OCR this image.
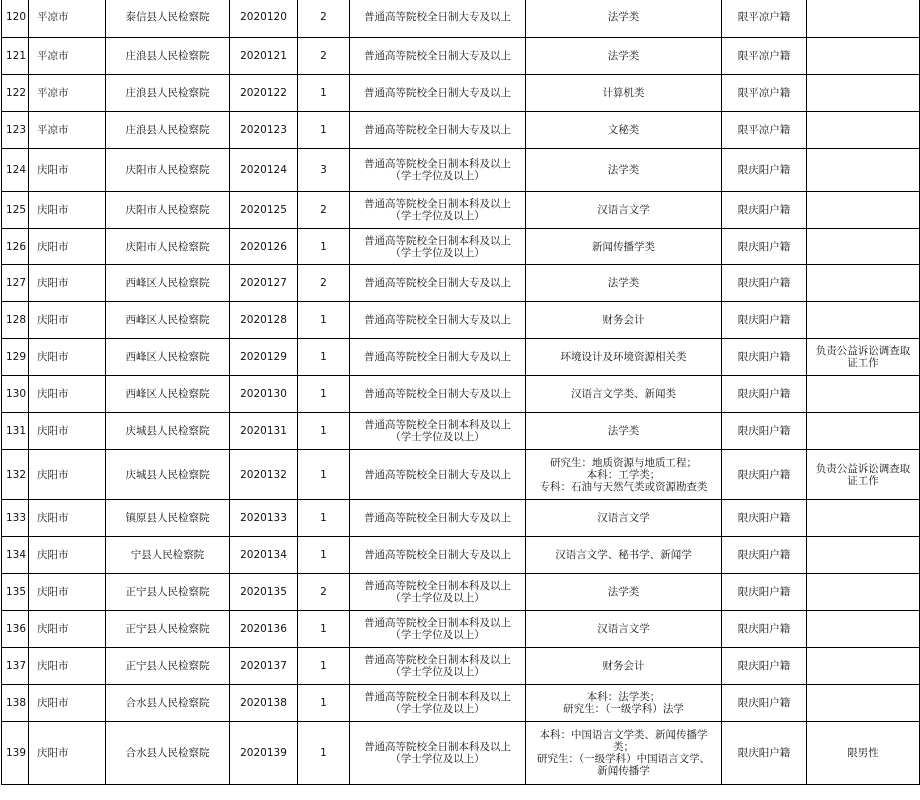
120	平凉市	泰信县人民检察院	2020120	2	普通高等院校全日制大专及以上	法学类	限平凉户籍	
121	平凉市	庄浪县人民检察院	2020121	2	普通高等院校全日制大专及以上	法学类	限平凉户籍	
122	平凉市	庄浪县人民检察院	2020122	1	普通高等院校全日制大专及以上	计算机类	限平凉户籍	
123	平凉市	庄浪县人民检察院	2020123	1	普通高等院校全日制大专及以上	文秘类	限平凉户籍	
124	庆阳市	庆阳市人民检察院	2020124	3	普通高等院校全日制本科及以上
（学士学位及以上）	法学类	限庆阳户籍	
125	庆阳市	庆阳市人民检察院	2020125	2	普通高等院校全日制本科及以上
（学士学位及以上）	汉语言文学	限庆阳户籍	
126	庆阳市	庆阳市人民检察院	2020126	1	普通高等院校全日制本科及以上
（学士学位及以上）	新闻传播学类	限庆阳户籍	
127	庆阳市	西峰区人民检察院	2020127	2	普通高等院校全日制大专及以上	法学类	限庆阳户籍	
128	庆阳市	西峰区人民检察院	2020128	1	普通高等院校全日制大专及以上	财务会计	限庆阳户籍	
129	庆阳市	西峰区人民检察院	2020129	1	普通高等院校全日制大专及以上	环境设计及环境资源相关类	限庆阳户籍	负责公益诉讼调查取
证工作
130	庆阳市	西峰区人民检察院	2020130	1	普通高等院校全日制大专及以上	汉语言文学类、新闻类	限庆阳户籍	
131	庆阳市	庆城县人民检察院	2020131	1	普通高等院校全日制本科及以上
（学士学位及以上）	法学类	限庆阳户籍	
132	庆阳市	庆城县人民检察院	2020132	1	普通高等院校全日制大专及以上	研究生：地质资源与地质工程；
本科：工学类；
专科：石油与天然气类或资源勘查类	限庆阳户籍	负责公益诉讼调查取
证工作
133	庆阳市	镇原县人民检察院	2020133	1	普通高等院校全日制大专及以上	汉语言文学	限庆阳户籍	
134	庆阳市	宁县人民检察院	2020134	1	普通高等院校全日制大专及以上	汉语言文学、秘书学、新闻学	限庆阳户籍	
135	庆阳市	正宁县人民检察院	2020135	2	普通高等院校全日制本科及以上
（学士学位及以上）	法学类	限庆阳户籍	
136	庆阳市	正宁县人民检察院	2020136	1	普通高等院校全日制本科及以上
（学士学位及以上）	汉语言文学	限庆阳户籍	
137	庆阳市	正宁县人民检察院	2020137	1	普通高等院校全日制本科及以上
（学士学位及以上）	财务会计	限庆阳户籍	
138	庆阳市	合水县人民检察院	2020138	1	普通高等院校全日制本科及以上
（学士学位及以上）	本科：法学类；
研究生：（一级学科）法学	限庆阳户籍	
139	庆阳市	合水县人民检察院	2020139	1	普通高等院校全日制本科及以上
（学士学位及以上）	本科：中国语言文学类、新闻传播学
类；
研究生：（一级学科）中国语言文学、
新闻传播学	限庆阳户籍	限男性
